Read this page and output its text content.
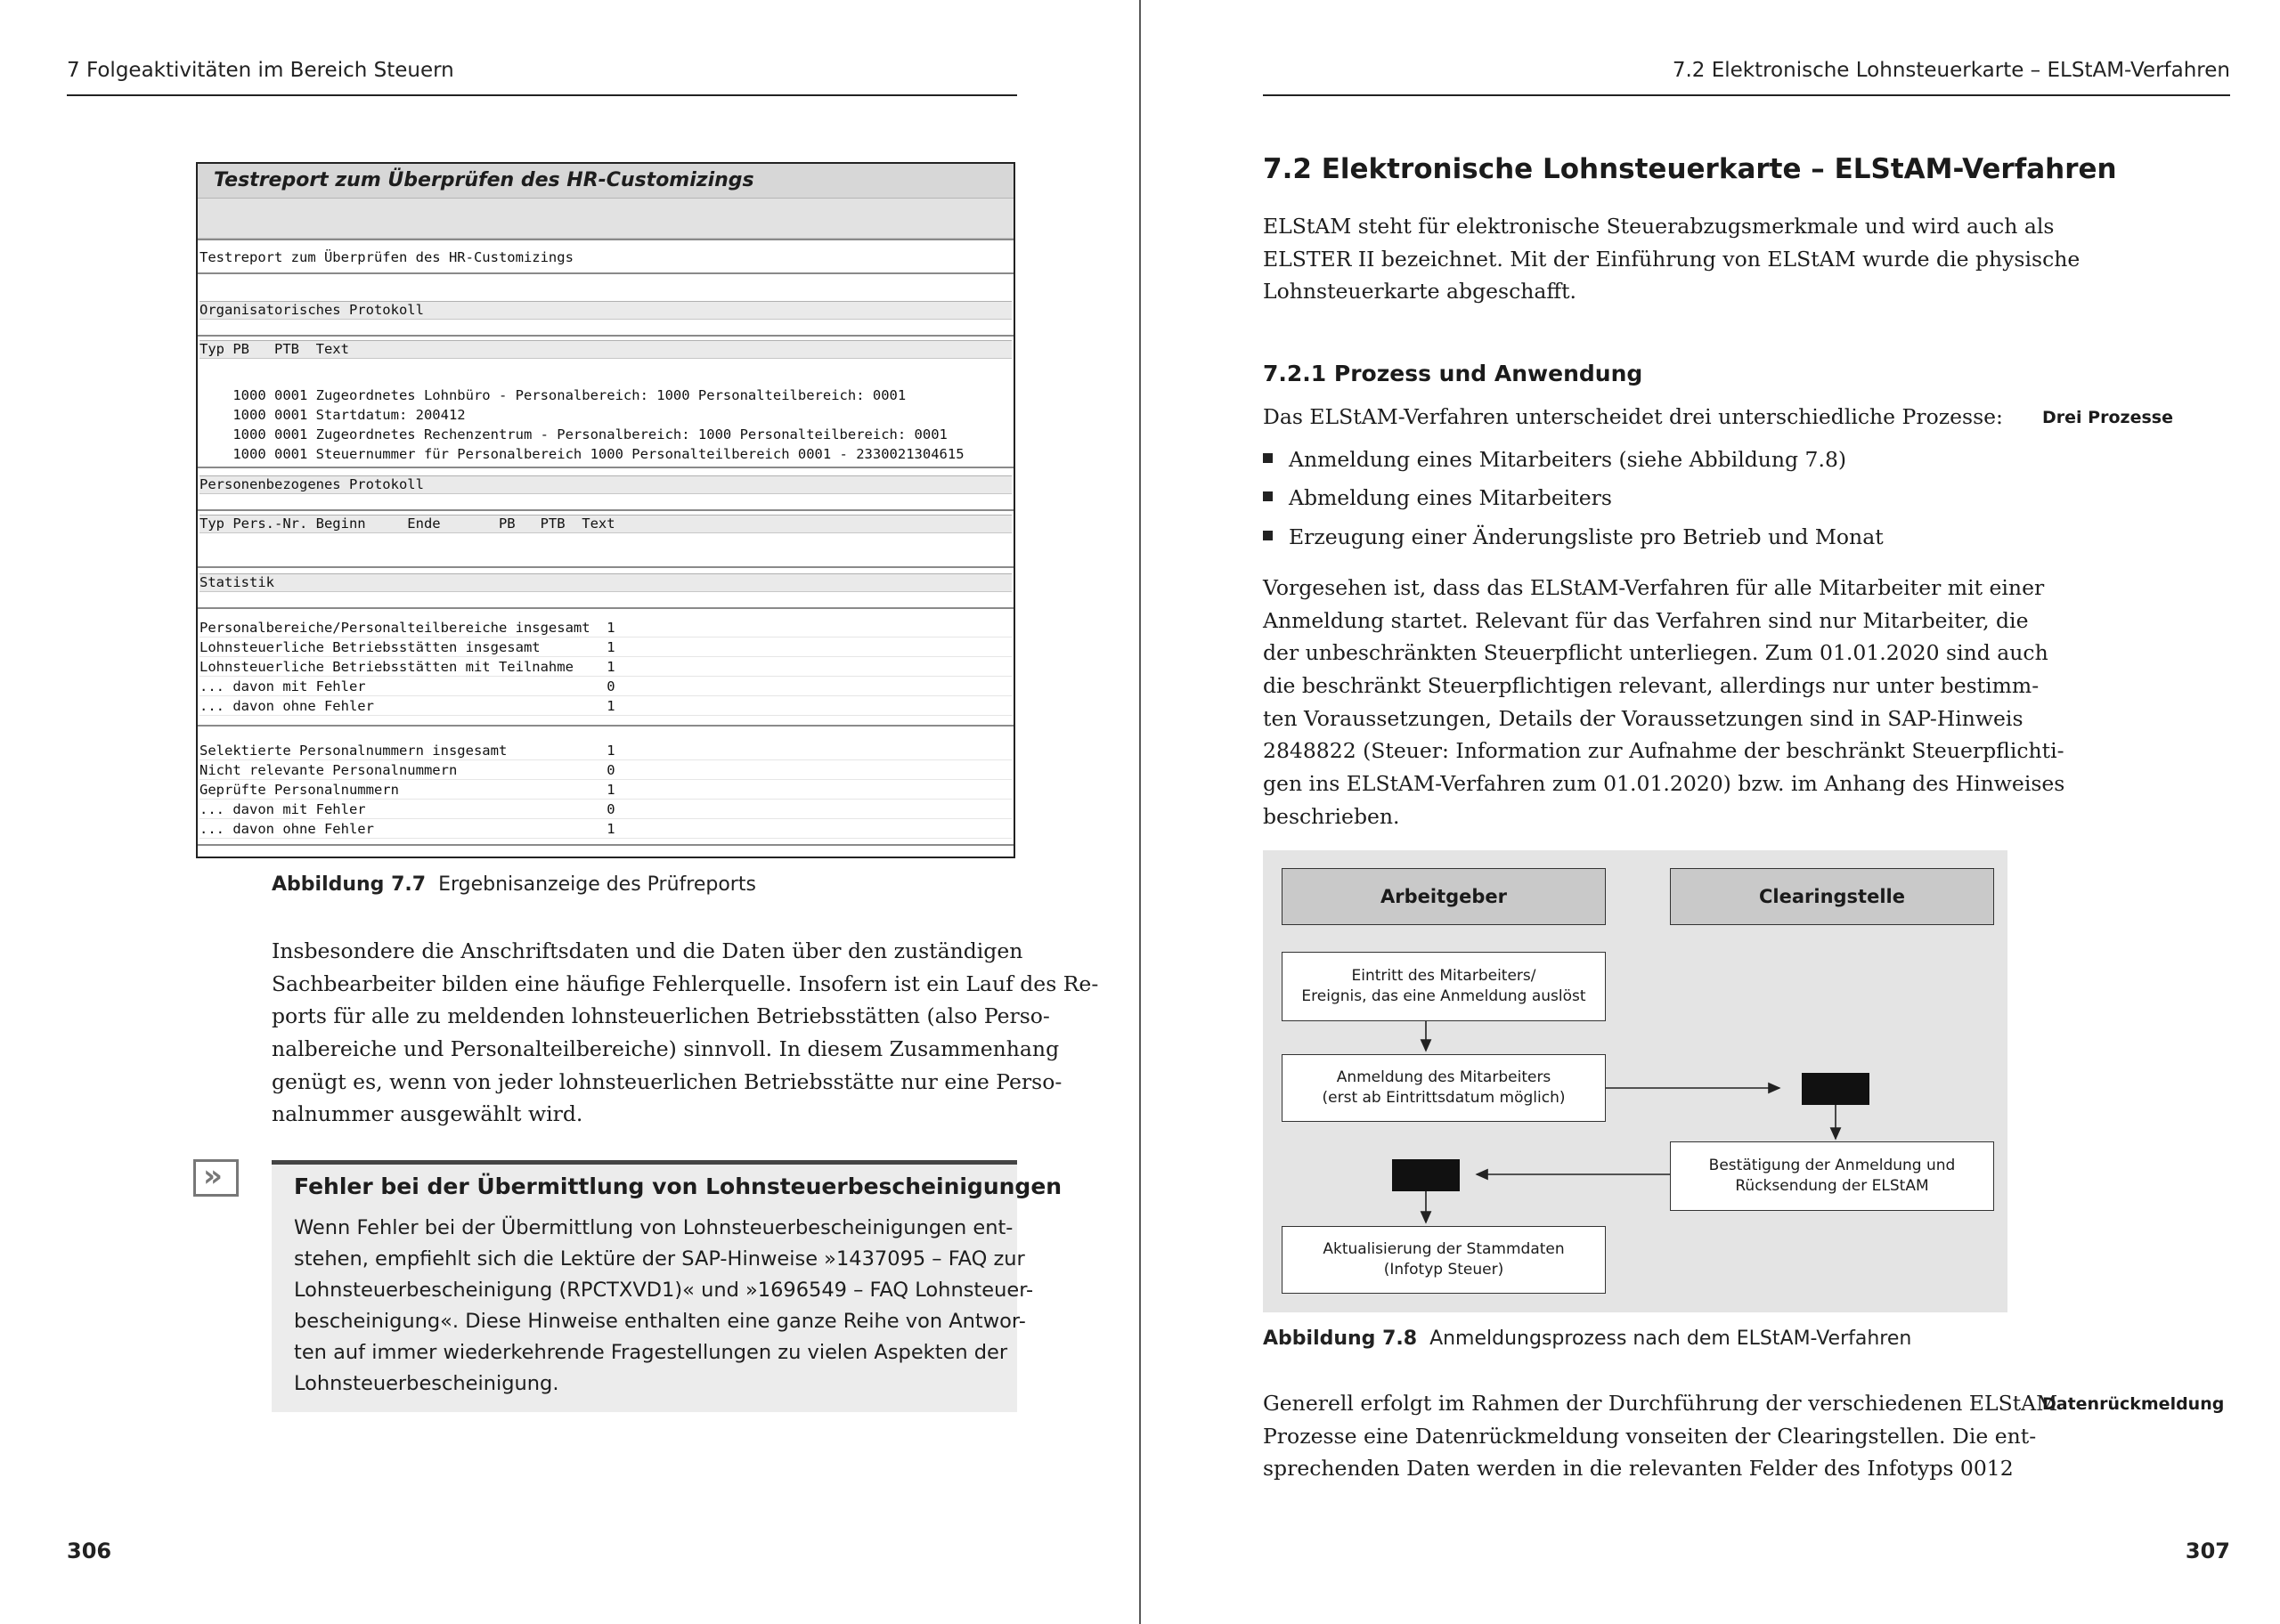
7 Folgeaktivitäten im Bereich Steuern
Testreport zum Überprüfen des HR-Customizings
Testreport zum Überprüfen des HR-Customizings
Organisatorisches Protokoll
Typ PB   PTB  Text
1000 0001 Zugeordnetes Lohnbüro - Personalbereich: 1000 Personalteilbereich: 0001
1000 0001 Startdatum: 200412
1000 0001 Zugeordnetes Rechenzentrum - Personalbereich: 1000 Personalteilbereich: 0001
1000 0001 Steuernummer für Personalbereich 1000 Personalteilbereich 0001 - 2330021304615
Personenbezogenes Protokoll
Typ Pers.-Nr. Beginn     Ende       PB   PTB  Text
Statistik
Personalbereiche/Personalteilbereiche insgesamt  1
Lohnsteuerliche Betriebsstätten insgesamt        1
Lohnsteuerliche Betriebsstätten mit Teilnahme    1
... davon mit Fehler                             0
... davon ohne Fehler                            1
Selektierte Personalnummern insgesamt            1
Nicht relevante Personalnummern                  0
Geprüfte Personalnummern                         1
... davon mit Fehler                             0
... davon ohne Fehler                            1
Abbildung 7.7 Ergebnisanzeige des Prüfreports
Insbesondere die Anschriftsdaten und die Daten über den zuständigen
Sachbearbeiter bilden eine häufige Fehlerquelle. Insofern ist ein Lauf des Re-
ports für alle zu meldenden lohnsteuerlichen Betriebsstätten (also Perso-
nalbereiche und Personalteilbereiche) sinnvoll. In diesem Zusammenhang
genügt es, wenn von jeder lohnsteuerlichen Betriebsstätte nur eine Perso-
nalnummer ausgewählt wird.
»	Fehler bei der Übermittlung von Lohnsteuerbescheinigungen
Wenn Fehler bei der Übermittlung von Lohnsteuerbescheinigungen ent-
stehen, empfiehlt sich die Lektüre der SAP-Hinweise »1437095 – FAQ zur
Lohnsteuerbescheinigung (RPCTXVD1)« und »1696549 – FAQ Lohnsteuer-
bescheinigung«. Diese Hinweise enthalten eine ganze Reihe von Antwor-
ten auf immer wiederkehrende Fragestellungen zu vielen Aspekten der
Lohnsteuerbescheinigung.
306
7.2 Elektronische Lohnsteuerkarte – ELStAM-Verfahren
7.2 Elektronische Lohnsteuerkarte – ELStAM-Verfahren
ELStAM steht für elektronische Steuerabzugsmerkmale und wird auch als
ELSTER II bezeichnet. Mit der Einführung von ELStAM wurde die physische
Lohnsteuerkarte abgeschafft.
7.2.1 Prozess und Anwendung
Drei Prozesse
Das ELStAM-Verfahren unterscheidet drei unterschiedliche Prozesse:
Anmeldung eines Mitarbeiters (siehe Abbildung 7.8)
Abmeldung eines Mitarbeiters
Erzeugung einer Änderungsliste pro Betrieb und Monat
Vorgesehen ist, dass das ELStAM-Verfahren für alle Mitarbeiter mit einer
Anmeldung startet. Relevant für das Verfahren sind nur Mitarbeiter, die
der unbeschränkten Steuerpflicht unterliegen. Zum 01.01.2020 sind auch
die beschränkt Steuerpflichtigen relevant, allerdings nur unter bestimm-
ten Voraussetzungen, Details der Voraussetzungen sind in SAP-Hinweis
2848822 (Steuer: Information zur Aufnahme der beschränkt Steuerpflichti-
gen ins ELStAM-Verfahren zum 01.01.2020) bzw. im Anhang des Hinweises
beschrieben.
Arbeitgeber	Clearingstelle
Eintritt des Mitarbeiters/
Ereignis, das eine Anmeldung auslöst
Anmeldung des Mitarbeiters
(erst ab Eintrittsdatum möglich)
Bestätigung der Anmeldung und
Rücksendung der ELStAM
Aktualisierung der Stammdaten
(Infotyp Steuer)
Abbildung 7.8 Anmeldungsprozess nach dem ELStAM-Verfahren
Datenrückmeldung
Generell erfolgt im Rahmen der Durchführung der verschiedenen ELStAM-
Prozesse eine Datenrückmeldung vonseiten der Clearingstellen. Die ent-
sprechenden Daten werden in die relevanten Felder des Infotyps 0012
307
